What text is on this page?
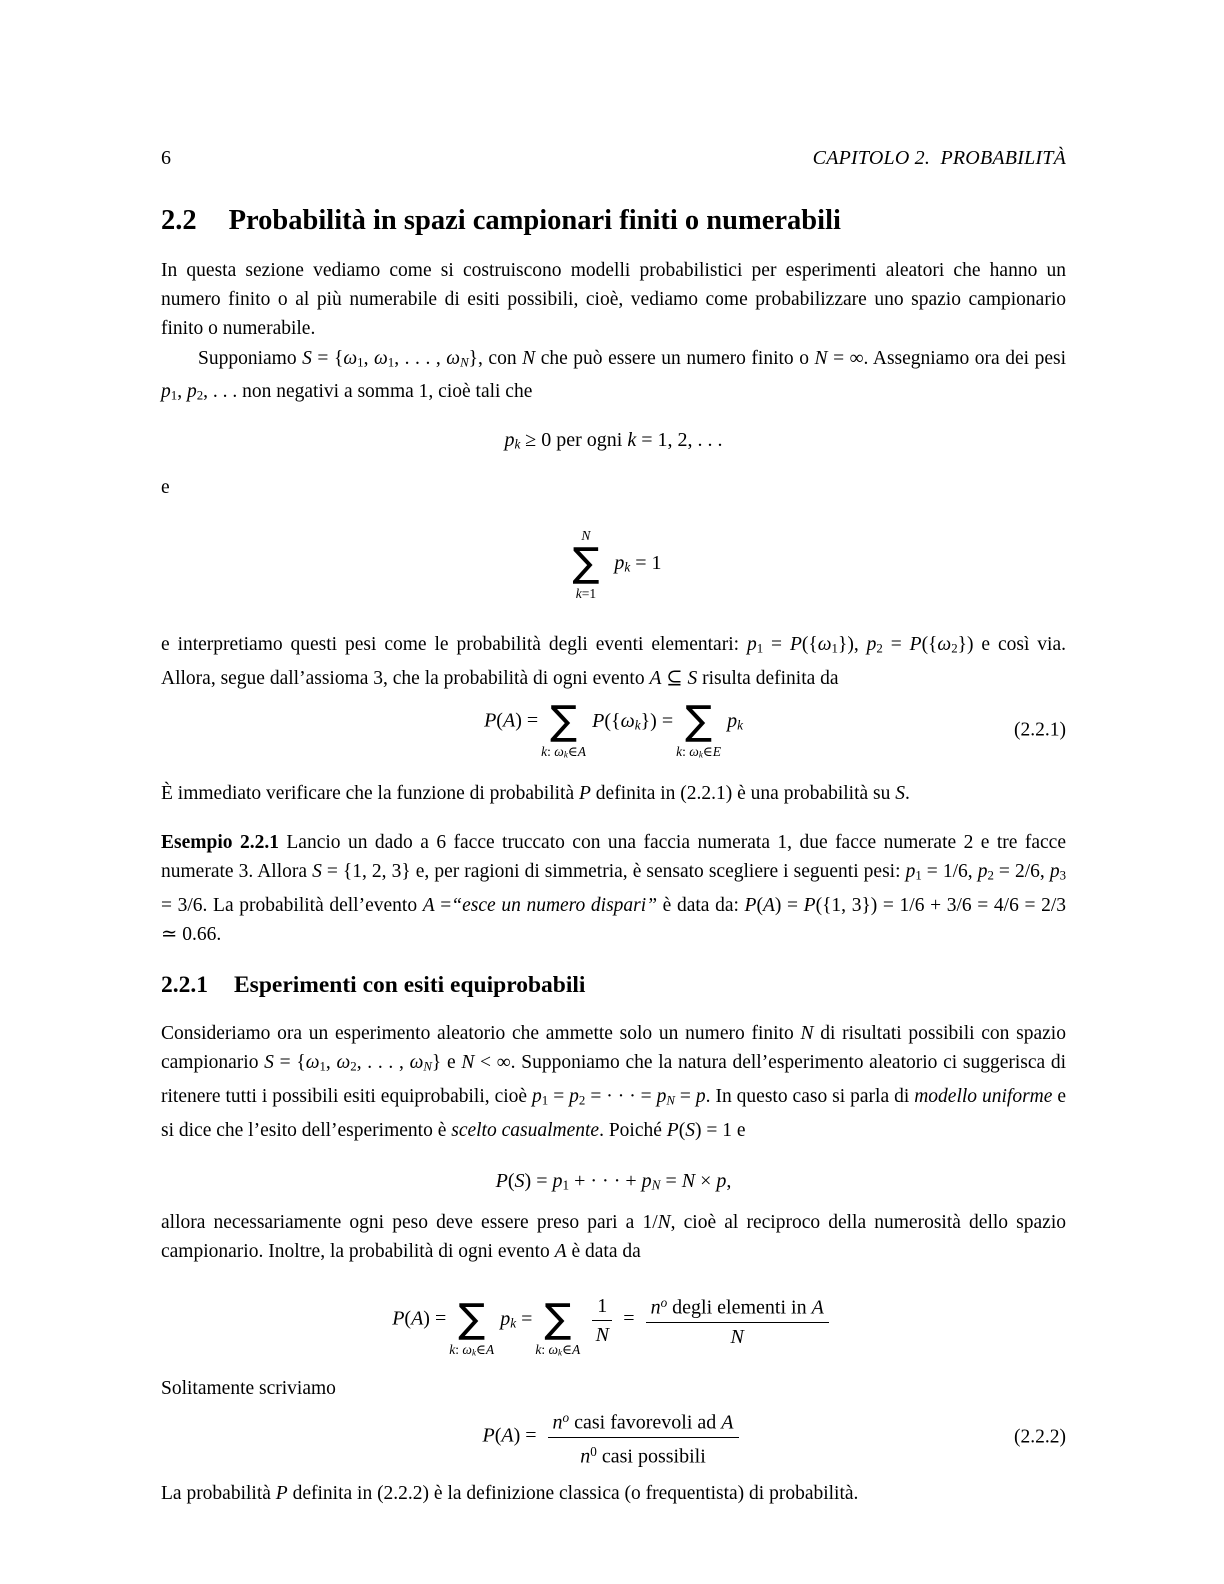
6	CAPITOLO 2.  PROBABILITÀ
2.2 Probabilità in spazi campionari finiti o numerabili

In questa sezione vediamo come si costruiscono modelli probabilistici per esperimenti aleatori che hanno un numero finito o al più numerabile di esiti possibili, cioè, vediamo come probabilizzare uno spazio campionario finito o numerabile.

Supponiamo S = {ω1, ω1, . . . , ωN}, con N che può essere un numero finito o N = ∞. Assegniamo ora dei pesi p1, p2, . . . non negativi a somma 1, cioè tali che

pk ≥ 0 per ogni k = 1, 2, . . .

e

N
∑
k=1
pk = 1

e interpretiamo questi pesi come le probabilità degli eventi elementari: p1 = P({ω1}), p2 = P({ω2}) e così via. Allora, segue dall’assioma 3, che la probabilità di ogni evento A ⊆ S risulta definita da

P(A) = ∑
k: ωk∈A
P({ωk}) = ∑
k: ωk∈E
pk	(2.2.1)

È immediato verificare che la funzione di probabilità P definita in (2.2.1) è una probabilità su S.

Esempio 2.2.1 Lancio un dado a 6 facce truccato con una faccia numerata 1, due facce numerate 2 e tre facce numerate 3. Allora S = {1, 2, 3} e, per ragioni di simmetria, è sensato scegliere i seguenti pesi: p1 = 1/6, p2 = 2/6, p3 = 3/6. La probabilità dell’evento A =“esce un numero dispari” è data da: P(A) = P({1, 3}) = 1/6 + 3/6 = 4/6 = 2/3 ≃ 0.66.

2.2.1 Esperimenti con esiti equiprobabili

Consideriamo ora un esperimento aleatorio che ammette solo un numero finito N di risultati possibili con spazio campionario S = {ω1, ω2, . . . , ωN} e N < ∞. Supponiamo che la natura dell’esperimento aleatorio ci suggerisca di ritenere tutti i possibili esiti equiprobabili, cioè p1 = p2 = · · · = pN = p. In questo caso si parla di modello uniforme e si dice che l’esito dell’esperimento è scelto casualmente. Poiché P(S) = 1 e

P(S) = p1 + · · · + pN = N × p,

allora necessariamente ogni peso deve essere preso pari a 1/N, cioè al reciproco della numerosità dello spazio campionario. Inoltre, la probabilità di ogni evento A è data da

P(A) = ∑
k: ωk∈A
pk = ∑
k: ωk∈A

$\frac{1}{N} = \frac{n^o degli elementi in A}{N}$

Solitamente scriviamo

$P(A) = \frac{n^o casi favorevoli ad A}{n^0 casi possibili}$	(2.2.2)

La probabilità P definita in (2.2.2) è la definizione classica (o frequentista) di probabilità.
